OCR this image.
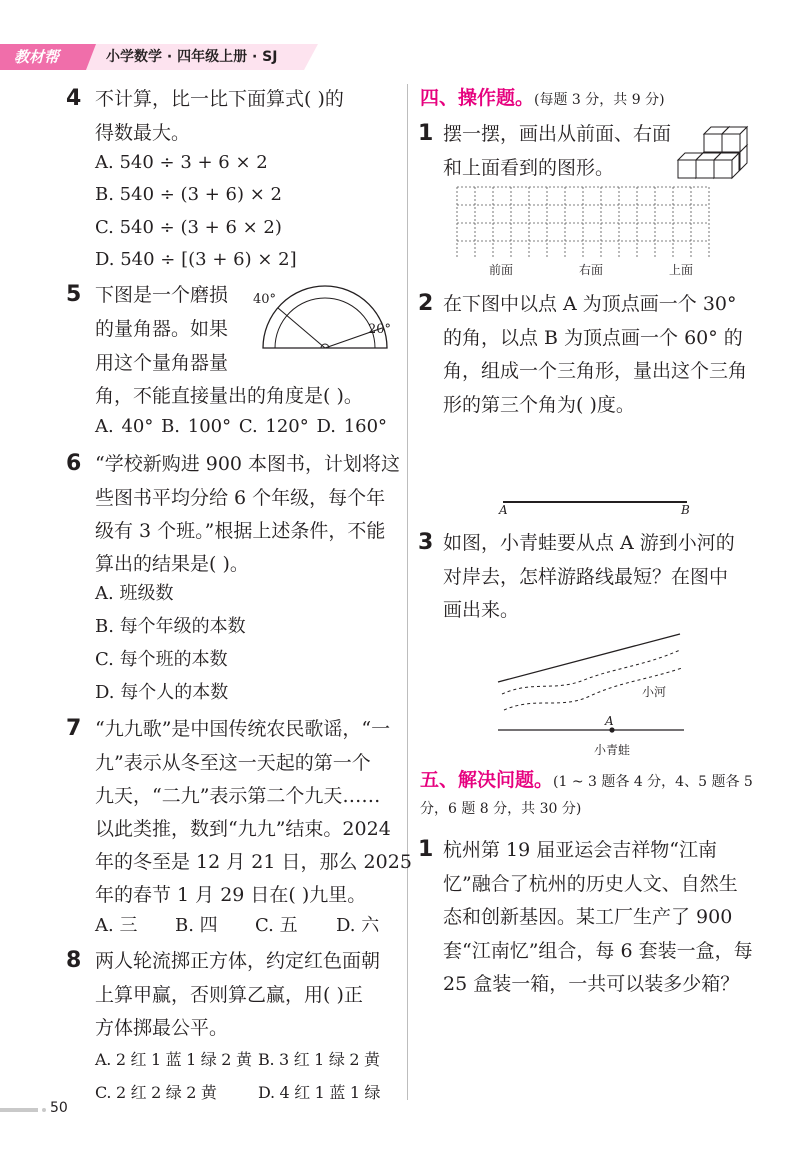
教材帮	小学数学 · 四年级上册 · SJ
4 不计算，比一比下面算式( )的
得数最大。
A. 540 ÷ 3 + 6 × 2
B. 540 ÷ (3 + 6) × 2
C. 540 ÷ (3 + 6 × 2)
D. 540 ÷ [(3 + 6) × 2]
5 下图是一个磨损
的量角器。如果
用这个量角器量
角，不能直接量出的角度是( )。
A. 40° B. 100° C. 120° D. 160°
40°
20°
6 “学校新购进 900 本图书，计划将这
些图书平均分给 6 个年级，每个年
级有 3 个班。”根据上述条件，不能
算出的结果是( )。
A. 班级数
B. 每个年级的本数
C. 每个班的本数
D. 每个人的本数
7 “九九歌”是中国传统农民歌谣，“一
九”表示从冬至这一天起的第一个
九天，“二九”表示第二个九天……
以此类推，数到“九九”结束。2024
年的冬至是 12 月 21 日，那么 2025
年的春节 1 月 29 日在( )九里。
A. 三 B. 四 C. 五 D. 六
8 两人轮流掷正方体，约定红色面朝
上算甲赢，否则算乙赢，用( )正
方体掷最公平。
A. 2 红 1 蓝 1 绿 2 黄 B. 3 红 1 绿 2 黄
C. 2 红 2 绿 2 黄	D. 4 红 1 蓝 1 绿
四、操作题。(每题 3 分，共 9 分)
1 摆一摆，画出从前面、右面
和上面看到的图形。
前面	右面	上面
2 在下图中以点 A 为顶点画一个 30°
的角，以点 B 为顶点画一个 60° 的
角，组成一个三角形，量出这个三角
形的第三个角为( )度。
A	B
3 如图，小青蛙要从点 A 游到小河的
对岸去，怎样游路线最短？在图中
画出来。
小河
A
小青蛙
五、解决问题。(1 ~ 3 题各 4 分，4、5 题各 5
分，6 题 8 分，共 30 分)
1 杭州第 19 届亚运会吉祥物“江南
忆”融合了杭州的历史人文、自然生
态和创新基因。某工厂生产了 900
套“江南忆”组合，每 6 套装一盒，每
25 盒装一箱，一共可以装多少箱？
50
